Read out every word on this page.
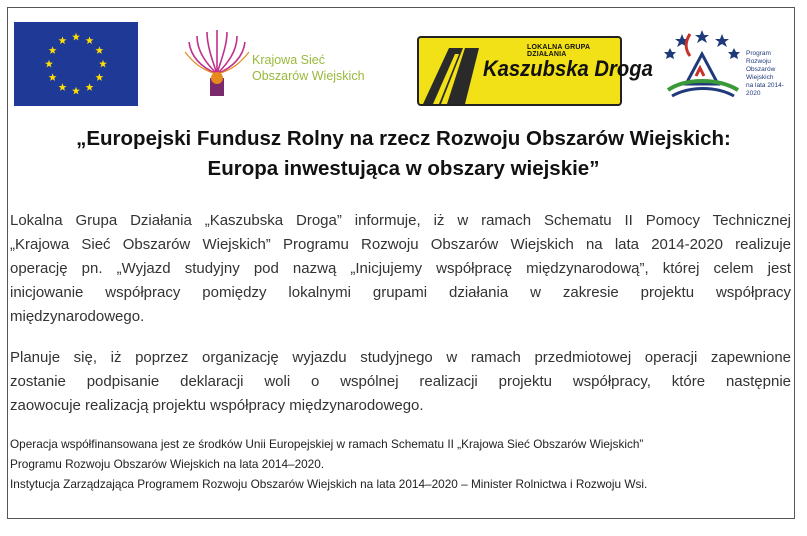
Krajowa Sieć
Obszarów Wiejskich
LOKALNA GRUPA DZIAŁANIA
Kaszubska Droga
Program
Rozwoju
Obszarów
Wiejskich
na lata 2014-2020
„Europejski Fundusz Rolny na rzecz Rozwoju Obszarów Wiejskich:
Europa inwestująca w obszary wiejskie”
Lokalna Grupa Działania „Kaszubska Droga” informuje, iż w ramach Schematu II Pomocy Technicznej
„Krajowa Sieć Obszarów Wiejskich” Programu Rozwoju Obszarów Wiejskich na lata 2014-2020 realizuje
operację pn. „Wyjazd studyjny pod nazwą „Inicjujemy współpracę międzynarodową”, której celem jest
inicjowanie współpracy pomiędzy lokalnymi grupami działania w zakresie projektu współpracy
międzynarodowego.
Planuje się, iż poprzez organizację wyjazdu studyjnego w ramach przedmiotowej operacji zapewnione
zostanie podpisanie deklaracji woli o wspólnej realizacji projektu współpracy, które następnie
zaowocuje realizacją projektu współpracy międzynarodowego.
Operacja współfinansowana jest ze środków Unii Europejskiej w ramach Schematu II „Krajowa Sieć Obszarów Wiejskich”
Programu Rozwoju Obszarów Wiejskich na lata 2014–2020.
Instytucja Zarządzająca Programem Rozwoju Obszarów Wiejskich na lata 2014–2020 – Minister Rolnictwa i Rozwoju Wsi.
